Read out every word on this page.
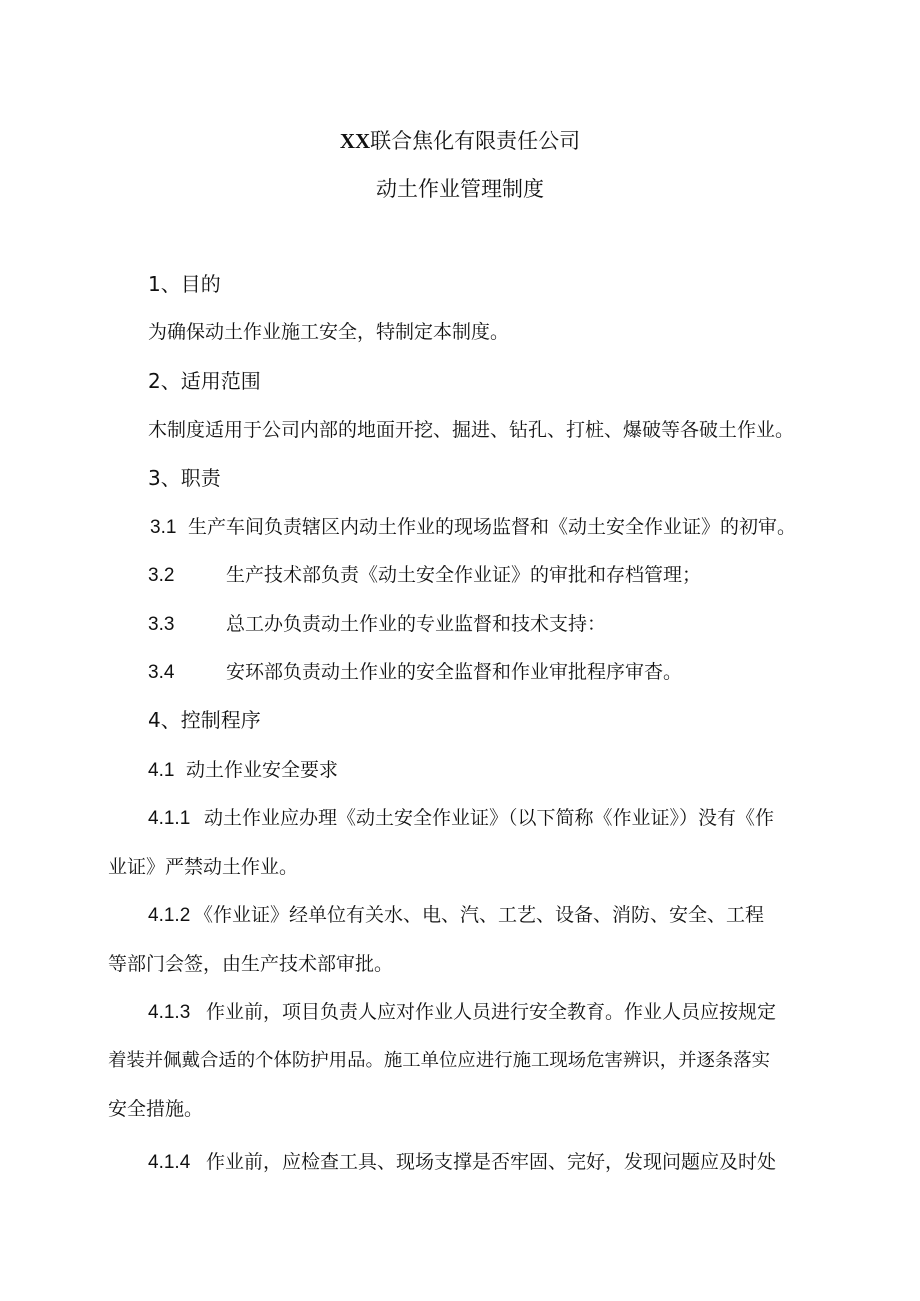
XX联合焦化有限责任公司
动土作业管理制度
1、目的
为确保动土作业施工安全，特制定本制度。
2、适用范围
木制度适用于公司内部的地面开挖、掘进、钻孔、打桩、爆破等各破土作业。
3、职责
3.1 生产车间负责辖区内动土作业的现场监督和《动土安全作业证》的初审。
3.2	生产技术部负责《动土安全作业证》的审批和存档管理；
3.3	总工办负责动土作业的专业监督和技术支持：
3.4	安环部负责动土作业的安全监督和作业审批程序审杳。
4、控制程序
4.1 动土作业安全要求
4.1.1 动土作业应办理《动土安全作业证》（以下简称《作业证》）没有《作
业证》严禁动土作业。
4.1.2 《作业证》经单位有关水、电、汽、工艺、设备、消防、安全、工程
等部门会签，由生产技术部审批。
4.1.3 作业前，项目负责人应对作业人员进行安全教育。作业人员应按规定
着装并佩戴合适的个体防护用品。施工单位应进行施工现场危害辨识，并逐条落实
安全措施。
4.1.4 作业前，应检查工具、现场支撑是否牢固、完好，发现问题应及时处
